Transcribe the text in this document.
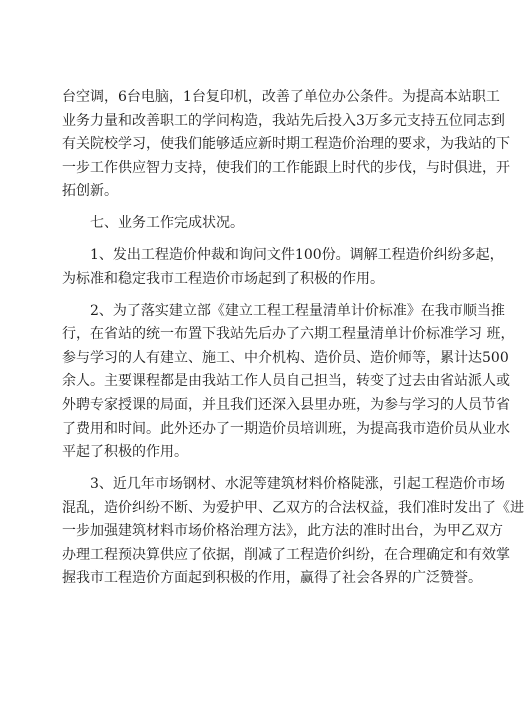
台空调，6台电脑，1台复印机，改善了单位办公条件。为提高本站职工
业务力量和改善职工的学问构造，我站先后投入3万多元支持五位同志到
有关院校学习，使我们能够适应新时期工程造价治理的要求，为我站的下
一步工作供应智力支持，使我们的工作能跟上时代的步伐，与时俱进，开
拓创新。
七、业务工作完成状况。
1、发出工程造价仲裁和询问文件100份。调解工程造价纠纷多起，
为标准和稳定我市工程造价市场起到了积极的作用。
2、为了落实建立部《建立工程工程量清单计价标准》在我市顺当推
行，在省站的统一布置下我站先后办了六期工程量清单计价标准学习 班，
参与学习的人有建立、施工、中介机构、造价员、造价师等，累计达500
余人。主要课程都是由我站工作人员自己担当，转变了过去由省站派人或
外聘专家授课的局面，并且我们还深入县里办班，为参与学习的人员节省
了费用和时间。此外还办了一期造价员培训班，为提高我市造价员从业水
平起了积极的作用。
3、近几年市场钢材、水泥等建筑材料价格陡涨，引起工程造价市场
混乱，造价纠纷不断、为爱护甲、乙双方的合法权益，我们准时发出了《进
一步加强建筑材料市场价格治理方法》，此方法的准时出台，为甲乙双方
办理工程预决算供应了依据，削减了工程造价纠纷，在合理确定和有效掌
握我市工程造价方面起到积极的作用，赢得了社会各界的广泛赞誉。
